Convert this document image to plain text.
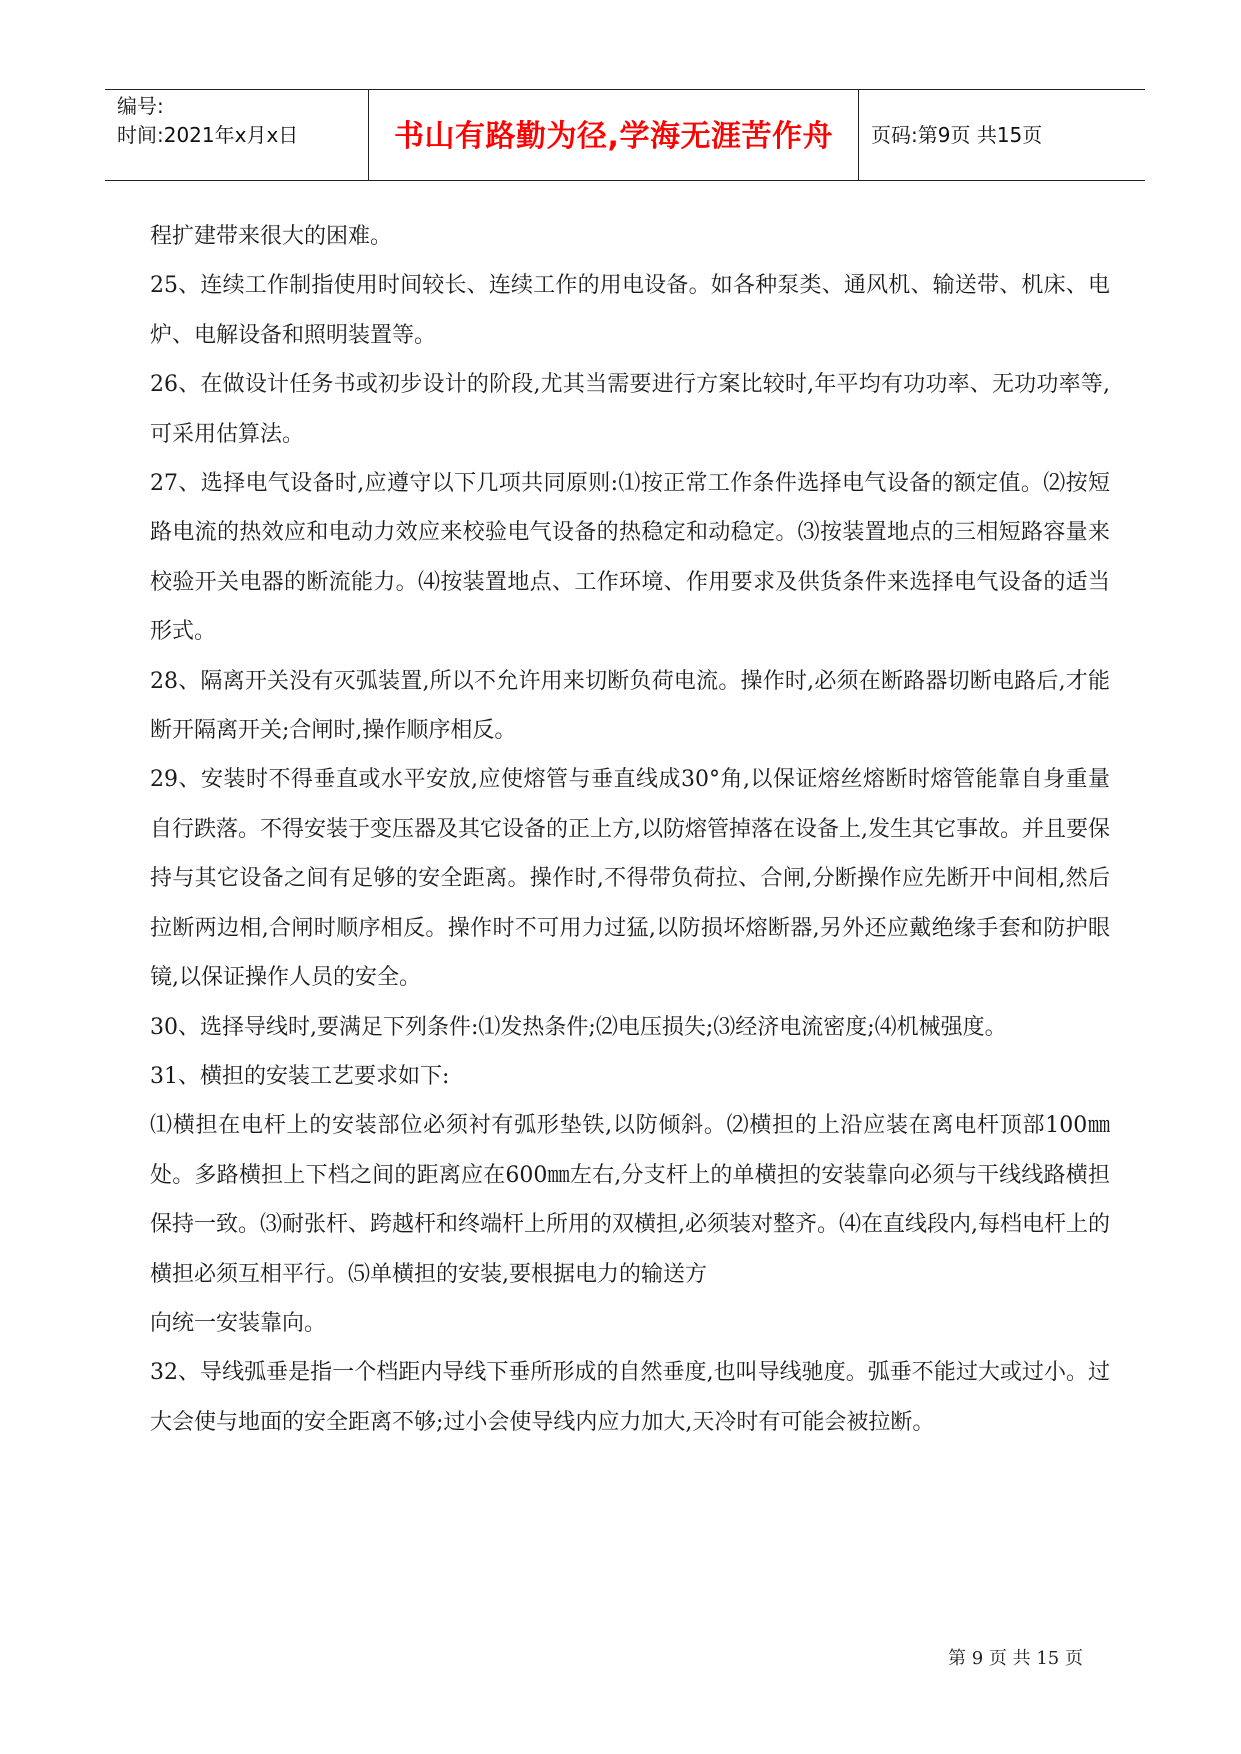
编号:
时间:2021年x月x日	书山有路勤为径,学海无涯苦作舟	页码:第9页 共15页

程扩建带来很大的困难。

25、连续工作制指使用时间较长、连续工作的用电设备。如各种泵类、通风机、输送带、机床、电炉、电解设备和照明装置等。

26、在做设计任务书或初步设计的阶段,尤其当需要进行方案比较时,年平均有功功率、无功功率等,可采用估算法。

27、选择电气设备时,应遵守以下几项共同原则:⑴按正常工作条件选择电气设备的额定值。⑵按短路电流的热效应和电动力效应来校验电气设备的热稳定和动稳定。⑶按装置地点的三相短路容量来校验开关电器的断流能力。⑷按装置地点、工作环境、作用要求及供货条件来选择电气设备的适当形式。

28、隔离开关没有灭弧装置,所以不允许用来切断负荷电流。操作时,必须在断路器切断电路后,才能断开隔离开关;合闸时,操作顺序相反。

29、安装时不得垂直或水平安放,应使熔管与垂直线成30°角,以保证熔丝熔断时熔管能靠自身重量自行跌落。不得安装于变压器及其它设备的正上方,以防熔管掉落在设备上,发生其它事故。并且要保持与其它设备之间有足够的安全距离。操作时,不得带负荷拉、合闸,分断操作应先断开中间相,然后拉断两边相,合闸时顺序相反。操作时不可用力过猛,以防损坏熔断器,另外还应戴绝缘手套和防护眼镜,以保证操作人员的安全。

30、选择导线时,要满足下列条件:⑴发热条件;⑵电压损失;⑶经济电流密度;⑷机械强度。

31、横担的安装工艺要求如下:

⑴横担在电杆上的安装部位必须衬有弧形垫铁,以防倾斜。⑵横担的上沿应装在离电杆顶部100㎜处。多路横担上下档之间的距离应在600㎜左右,分支杆上的单横担的安装靠向必须与干线线路横担保持一致。⑶耐张杆、跨越杆和终端杆上所用的双横担,必须装对整齐。⑷在直线段内,每档电杆上的横担必须互相平行。⑸单横担的安装,要根据电力的输送方

向统一安装靠向。

32、导线弧垂是指一个档距内导线下垂所形成的自然垂度,也叫导线驰度。弧垂不能过大或过小。过大会使与地面的安全距离不够;过小会使导线内应力加大,天冷时有可能会被拉断。

第 9 页 共 15 页
